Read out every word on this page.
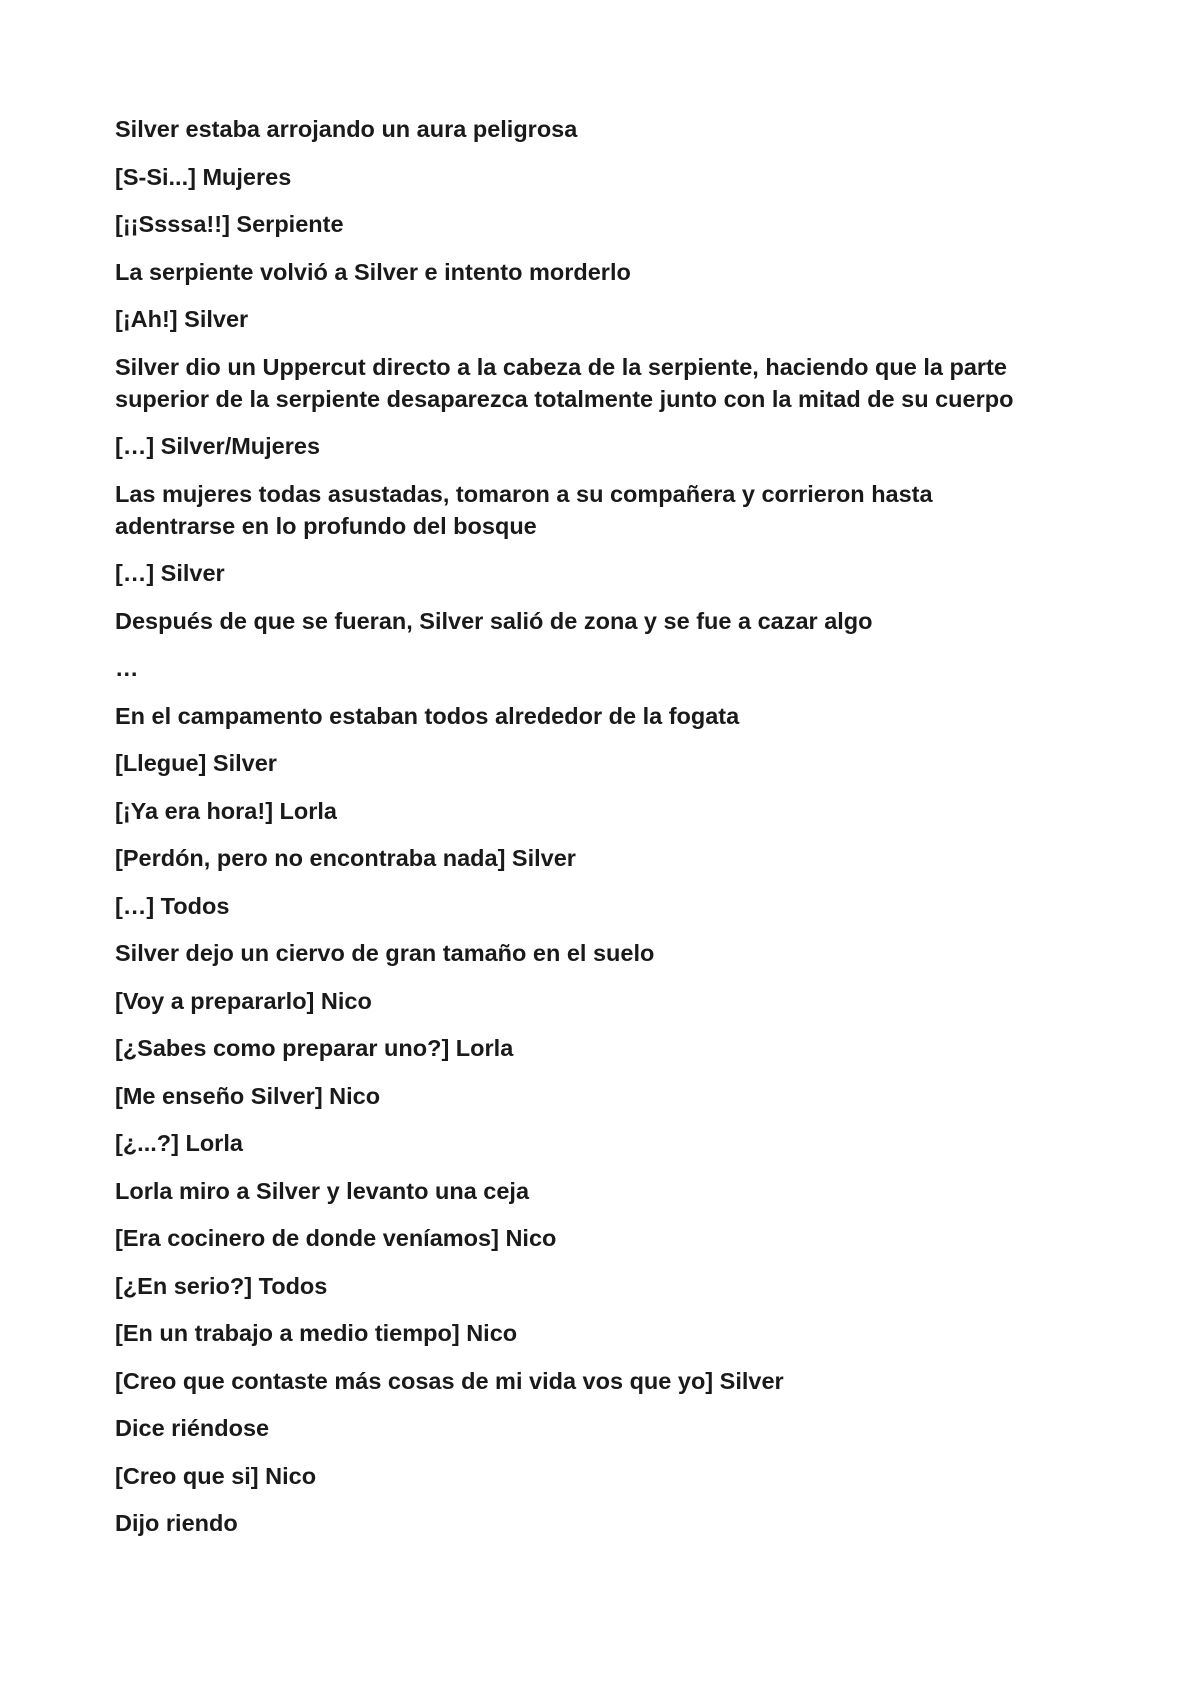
Silver estaba arrojando un aura peligrosa

[S-Si...] Mujeres

[¡¡Ssssa!!] Serpiente

La serpiente volvió a Silver e intento morderlo

[¡Ah!] Silver

Silver dio un Uppercut directo a la cabeza de la serpiente, haciendo que la parte superior de la serpiente desaparezca totalmente junto con la mitad de su cuerpo

[…] Silver/Mujeres

Las mujeres todas asustadas, tomaron a su compañera y corrieron hasta adentrarse en lo profundo del bosque

[…] Silver

Después de que se fueran, Silver salió de zona y se fue a cazar algo

…

En el campamento estaban todos alrededor de la fogata

[Llegue] Silver

[¡Ya era hora!] Lorla

[Perdón, pero no encontraba nada] Silver

[…] Todos

Silver dejo un ciervo de gran tamaño en el suelo

[Voy a prepararlo] Nico

[¿Sabes como preparar uno?] Lorla

[Me enseño Silver] Nico

[¿...?] Lorla

Lorla miro a Silver y levanto una ceja

[Era cocinero de donde veníamos] Nico

[¿En serio?] Todos

[En un trabajo a medio tiempo] Nico

[Creo que contaste más cosas de mi vida vos que yo] Silver

Dice riéndose

[Creo que si] Nico

Dijo riendo
